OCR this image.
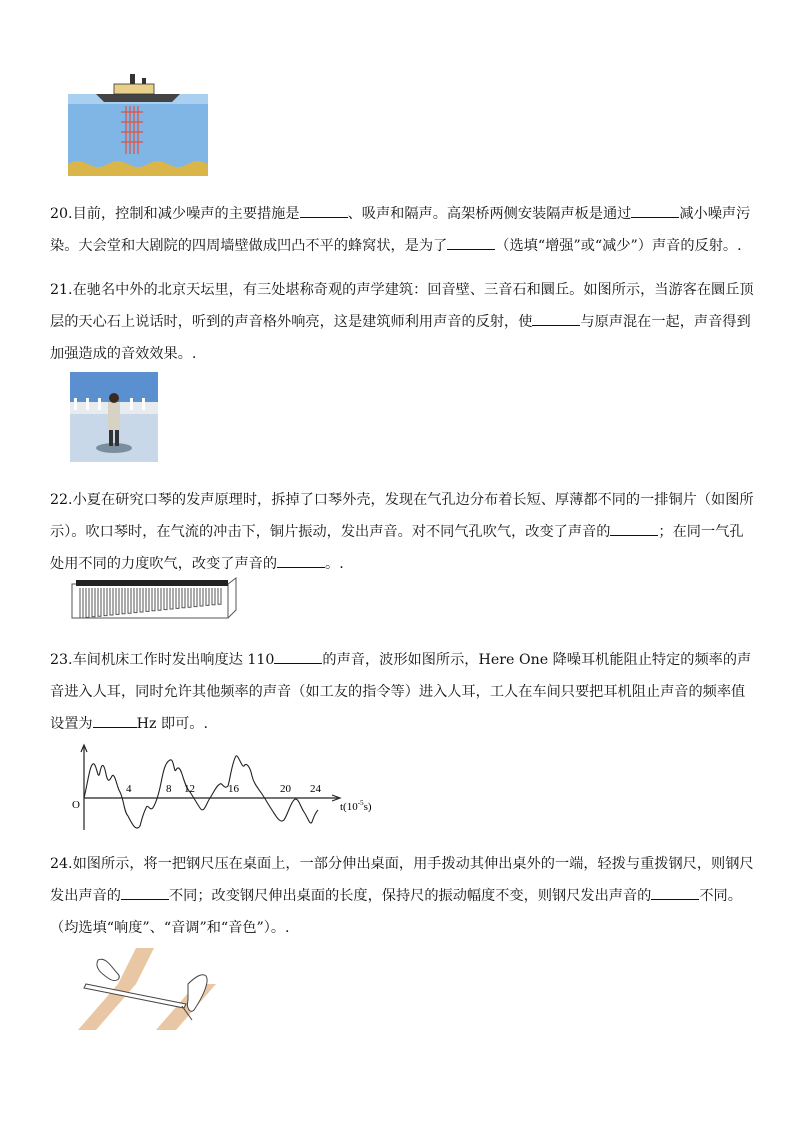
20.目前，控制和减少噪声的主要措施是	、吸声和隔声。高架桥两侧安装隔声板是通过	减小噪声污染。大会堂和大剧院的四周墙壁做成凹凸不平的蜂窝状，是为了	（选填“增强”或“减少”）声音的反射。.

21.在驰名中外的北京天坛里，有三处堪称奇观的声学建筑：回音壁、三音石和圜丘。如图所示，当游客在圜丘顶层的天心石上说话时，听到的声音格外响亮，这是建筑师利用声音的反射，使	与原声混在一起，声音得到加强造成的音效效果。.

22.小夏在研究口琴的发声原理时，拆掉了口琴外壳，发现在气孔边分布着长短、厚薄都不同的一排铜片（如图所示）。吹口琴时，在气流的冲击下，铜片振动，发出声音。对不同气孔吹气，改变了声音的	；在同一气孔处用不同的力度吹气，改变了声音的	。.

23.车间机床工作时发出响度达 110	的声音，波形如图所示，Here One 降噪耳机能阻止特定的频率的声音进入人耳，同时允许其他频率的声音（如工友的指令等）进入人耳，工人在车间只要把耳机阻止声音的频率值设置为	Hz 即可。.

O
4	8 12	16	20 24
$t(10^{-5}s)$

24.如图所示，将一把钢尺压在桌面上，一部分伸出桌面，用手拨动其伸出桌外的一端，轻拨与重拨钢尺，则钢尺发出声音的	不同；改变钢尺伸出桌面的长度，保持尺的振动幅度不变，则钢尺发出声音的	不同。（均选填“响度”、“音调”和“音色”）。.
